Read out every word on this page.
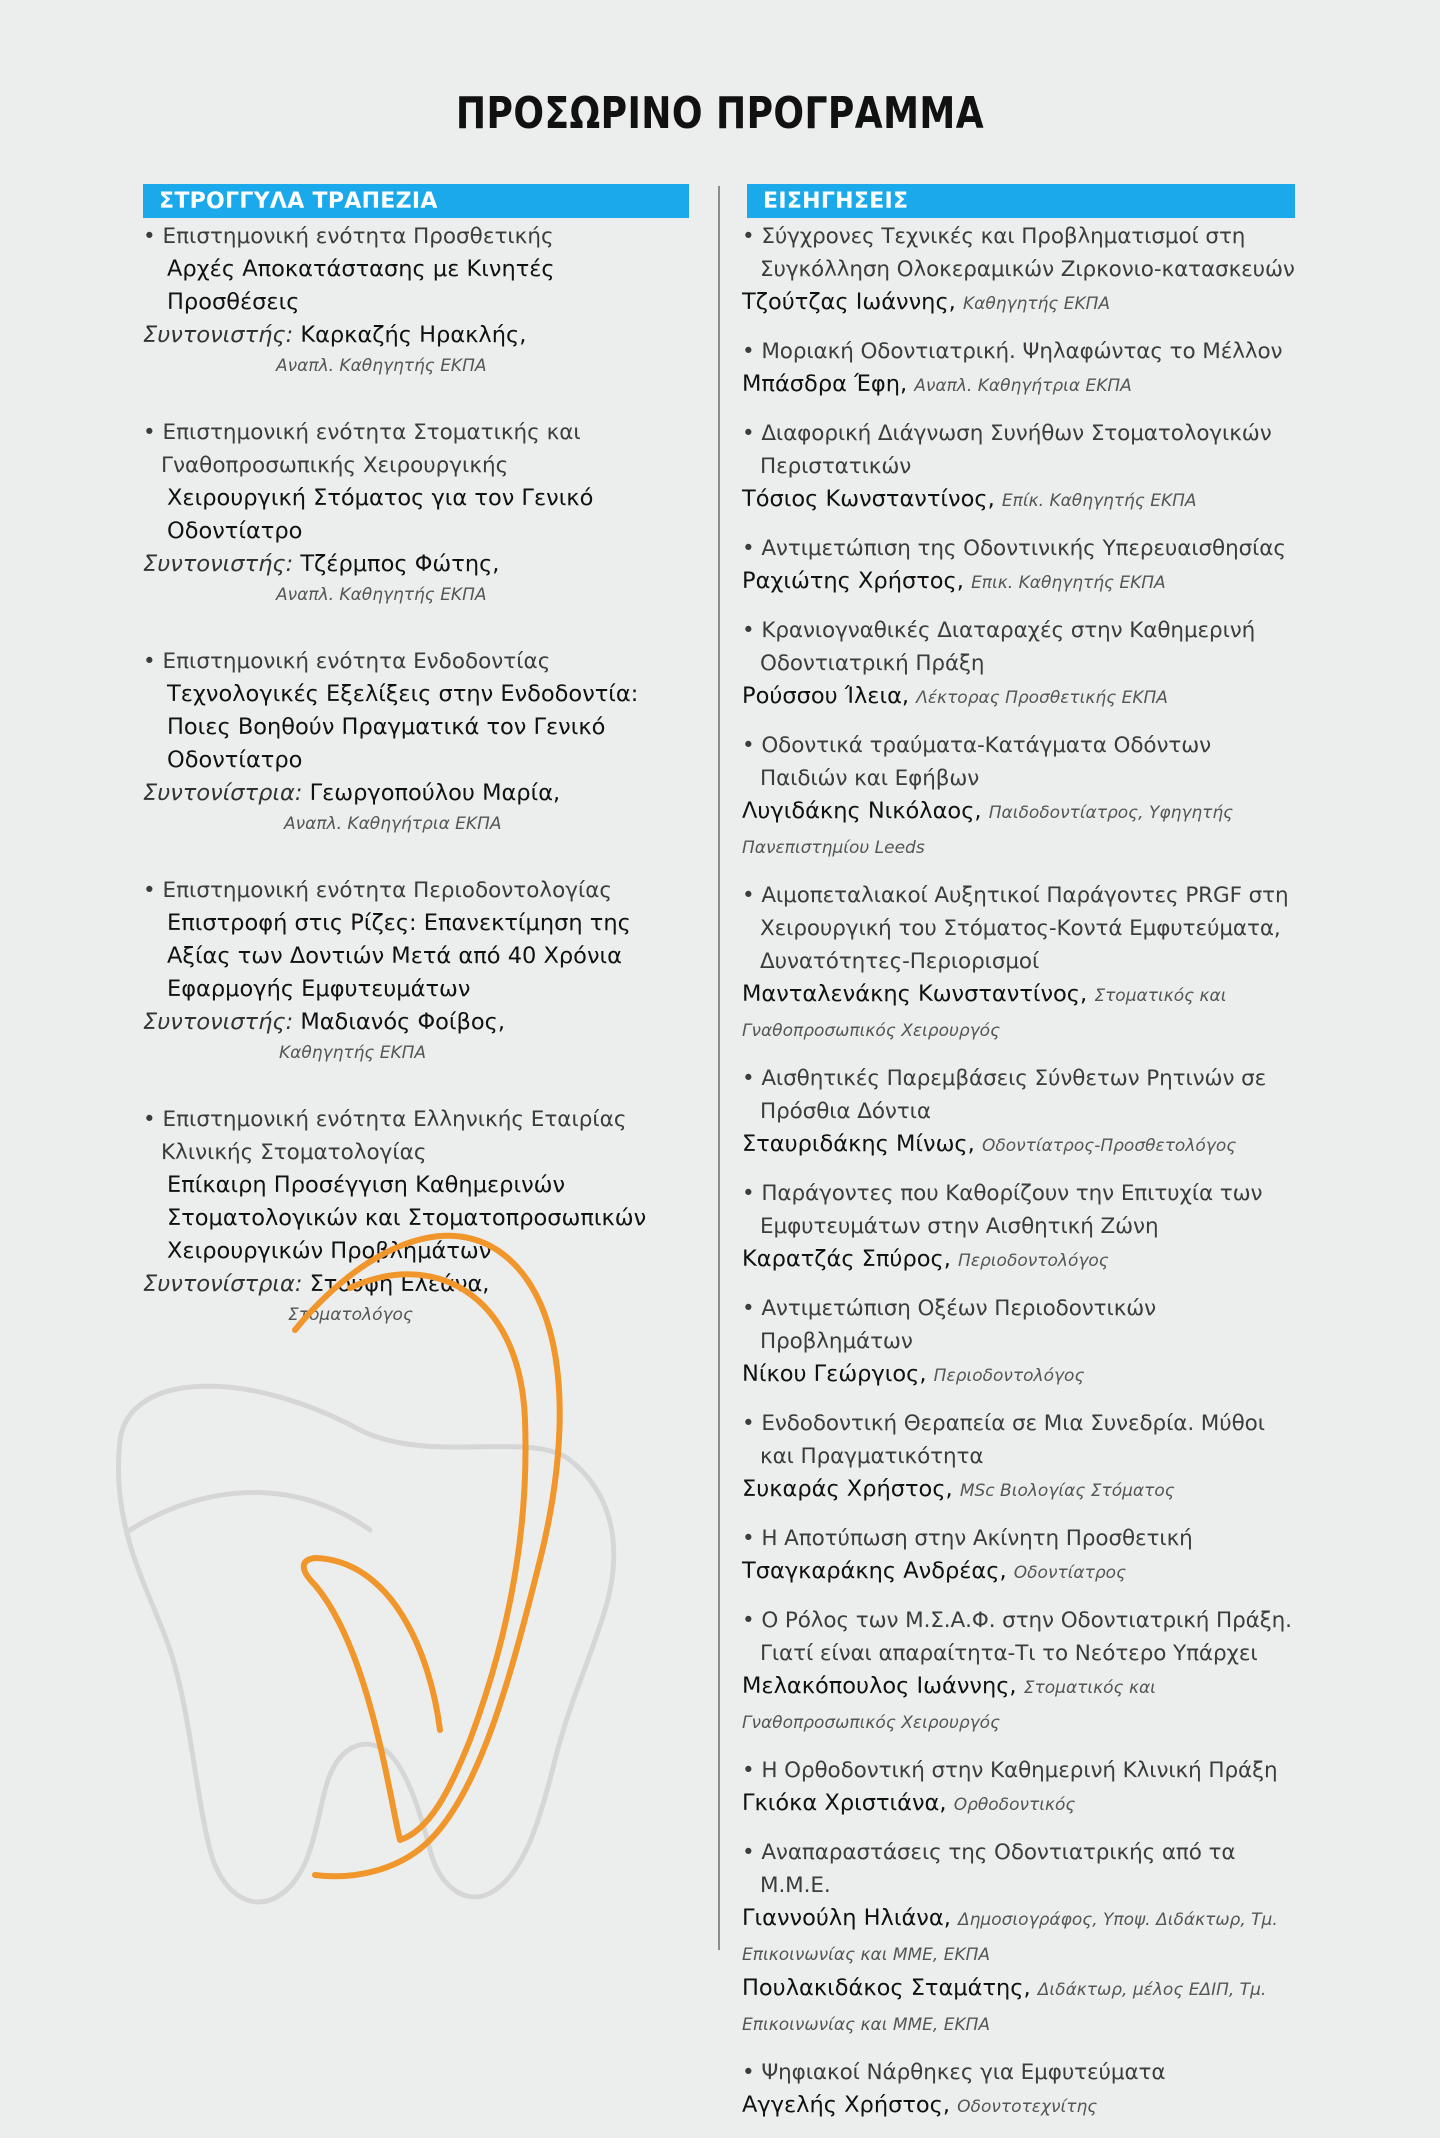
ΠΡΟΣΩΡΙΝΟ ΠΡΟΓΡΑΜΜΑ
ΣΤΡΟΓΓΥΛΑ ΤΡΑΠΕΖΙΑ

• Επιστημονική ενότητα Προσθετικής

Αρχές Αποκατάστασης με Κινητές Προσθέσεις

Συντονιστής: Καρκαζής Ηρακλής,

Αναπλ. Καθηγητής ΕΚΠΑ

• Επιστημονική ενότητα Στοματικής και Γναθοπροσωπικής Χειρουργικής

Χειρουργική Στόματος για τον Γενικό Οδοντίατρο

Συντονιστής: Τζέρμπος Φώτης,

Αναπλ. Καθηγητής ΕΚΠΑ

• Επιστημονική ενότητα Ενδοδοντίας

Τεχνολογικές Εξελίξεις στην Ενδοδοντία: Ποιες Βοηθούν Πραγματικά τον Γενικό Οδοντίατρο

Συντονίστρια: Γεωργοπούλου Μαρία,

Αναπλ. Καθηγήτρια ΕΚΠΑ

• Επιστημονική ενότητα Περιοδοντολογίας

Επιστροφή στις Ρίζες: Επανεκτίμηση της Αξίας των Δοντιών Μετά από 40 Χρόνια Εφαρμογής Εμφυτευμάτων

Συντονιστής: Μαδιανός Φοίβος,

Καθηγητής ΕΚΠΑ

• Επιστημονική ενότητα Ελληνικής Εταιρίας Κλινικής Στοματολογίας

Επίκαιρη Προσέγγιση Καθημερινών Στοματολογικών και Στοματοπροσωπικών Χειρουργικών Προβλημάτων

Συντονίστρια: Στουφή Ελεάνα,

Στοματολόγος

ΕΙΣΗΓΗΣΕΙΣ

• Σύγχρονες Τεχνικές και Προβληματισμοί στη Συγκόλληση Ολοκεραμικών Ζιρκονιο-κατασκευών

Τζούτζας Ιωάννης, Καθηγητής ΕΚΠΑ

• Μοριακή Οδοντιατρική. Ψηλαφώντας το Μέλλον

Μπάσδρα Έφη, Αναπλ. Καθηγήτρια ΕΚΠΑ

• Διαφορική Διάγνωση Συνήθων Στοματολογικών Περιστατικών

Τόσιος Κωνσταντίνος, Επίκ. Καθηγητής ΕΚΠΑ

• Αντιμετώπιση της Οδοντινικής Υπερευαισθησίας

Ραχιώτης Χρήστος, Επικ. Καθηγητής ΕΚΠΑ

• Κρανιογναθικές Διαταραχές στην Καθημερινή Οδοντιατρική Πράξη

Ρούσσου Ίλεια, Λέκτορας Προσθετικής ΕΚΠΑ

• Οδοντικά τραύματα-Κατάγματα Οδόντων Παιδιών και Εφήβων

Λυγιδάκης Νικόλαος, Παιδοδοντίατρος, Υφηγητής Πανεπιστημίου Leeds

• Αιμοπεταλιακοί Αυξητικοί Παράγοντες PRGF στη Χειρουργική του Στόματος-Κοντά Εμφυτεύματα, Δυνατότητες-Περιορισμοί

Μανταλενάκης Κωνσταντίνος, Στοματικός και Γναθοπροσωπικός Χειρουργός

• Αισθητικές Παρεμβάσεις Σύνθετων Ρητινών σε Πρόσθια Δόντια

Σταυριδάκης Μίνως, Οδοντίατρος-Προσθετολόγος

• Παράγοντες που Καθορίζουν την Επιτυχία των Εμφυτευμάτων στην Αισθητική Ζώνη

Καρατζάς Σπύρος, Περιοδοντολόγος

• Αντιμετώπιση Οξέων Περιοδοντικών Προβλημάτων

Νίκου Γεώργιος, Περιοδοντολόγος

• Ενδοδοντική Θεραπεία σε Μια Συνεδρία. Μύθοι και Πραγματικότητα

Συκαράς Χρήστος, MSc Βιολογίας Στόματος

• Η Αποτύπωση στην Ακίνητη Προσθετική

Τσαγκαράκης Ανδρέας, Οδοντίατρος

• Ο Ρόλος των Μ.Σ.Α.Φ. στην Οδοντιατρική Πράξη. Γιατί είναι απαραίτητα-Τι το Νεότερο Υπάρχει

Μελακόπουλος Ιωάννης, Στοματικός και Γναθοπροσωπικός Χειρουργός

• Η Ορθοδοντική στην Καθημερινή Κλινική Πράξη

Γκιόκα Χριστιάνα, Ορθοδοντικός

• Αναπαραστάσεις της Οδοντιατρικής από τα Μ.Μ.Ε.

Γιαννούλη Ηλιάνα, Δημοσιογράφος, Υποψ. Διδάκτωρ, Τμ. Επικοινωνίας και ΜΜΕ, ΕΚΠΑ

Πουλακιδάκος Σταμάτης, Διδάκτωρ, μέλος ΕΔΙΠ, Τμ. Επικοινωνίας και ΜΜΕ, ΕΚΠΑ

• Ψηφιακοί Νάρθηκες για Εμφυτεύματα

Αγγελής Χρήστος, Οδοντοτεχνίτης
